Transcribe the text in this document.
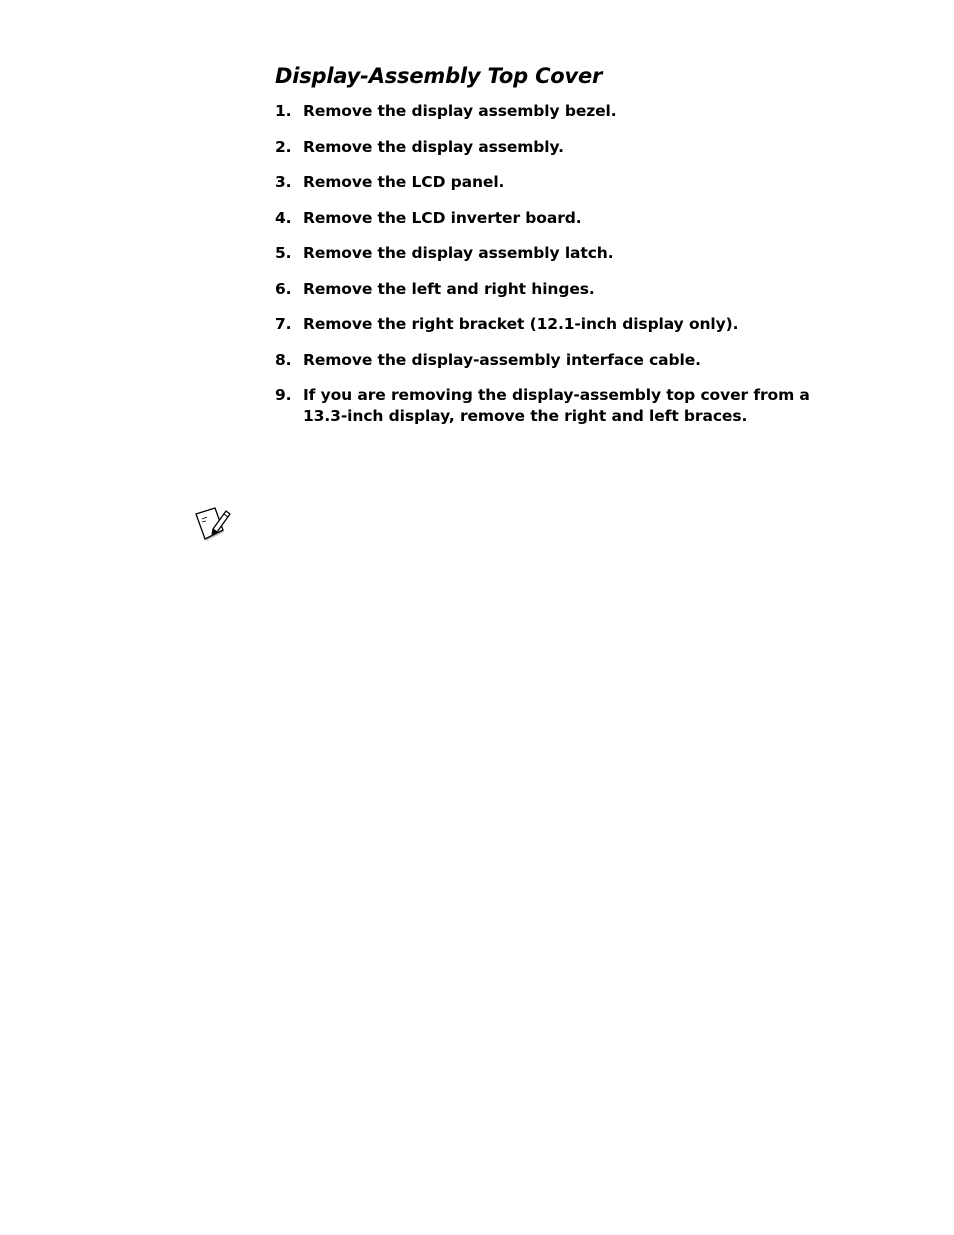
Display-Assembly Top Cover
1. Remove the display assembly bezel.
2. Remove the display assembly.
3. Remove the LCD panel.
4. Remove the LCD inverter board.
5. Remove the display assembly latch.
6. Remove the left and right hinges.
7. Remove the right bracket (12.1-inch display only).
8. Remove the display-assembly interface cable.
9. If you are removing the display-assembly top cover from a 13.3-inch display, remove the right and left braces.
